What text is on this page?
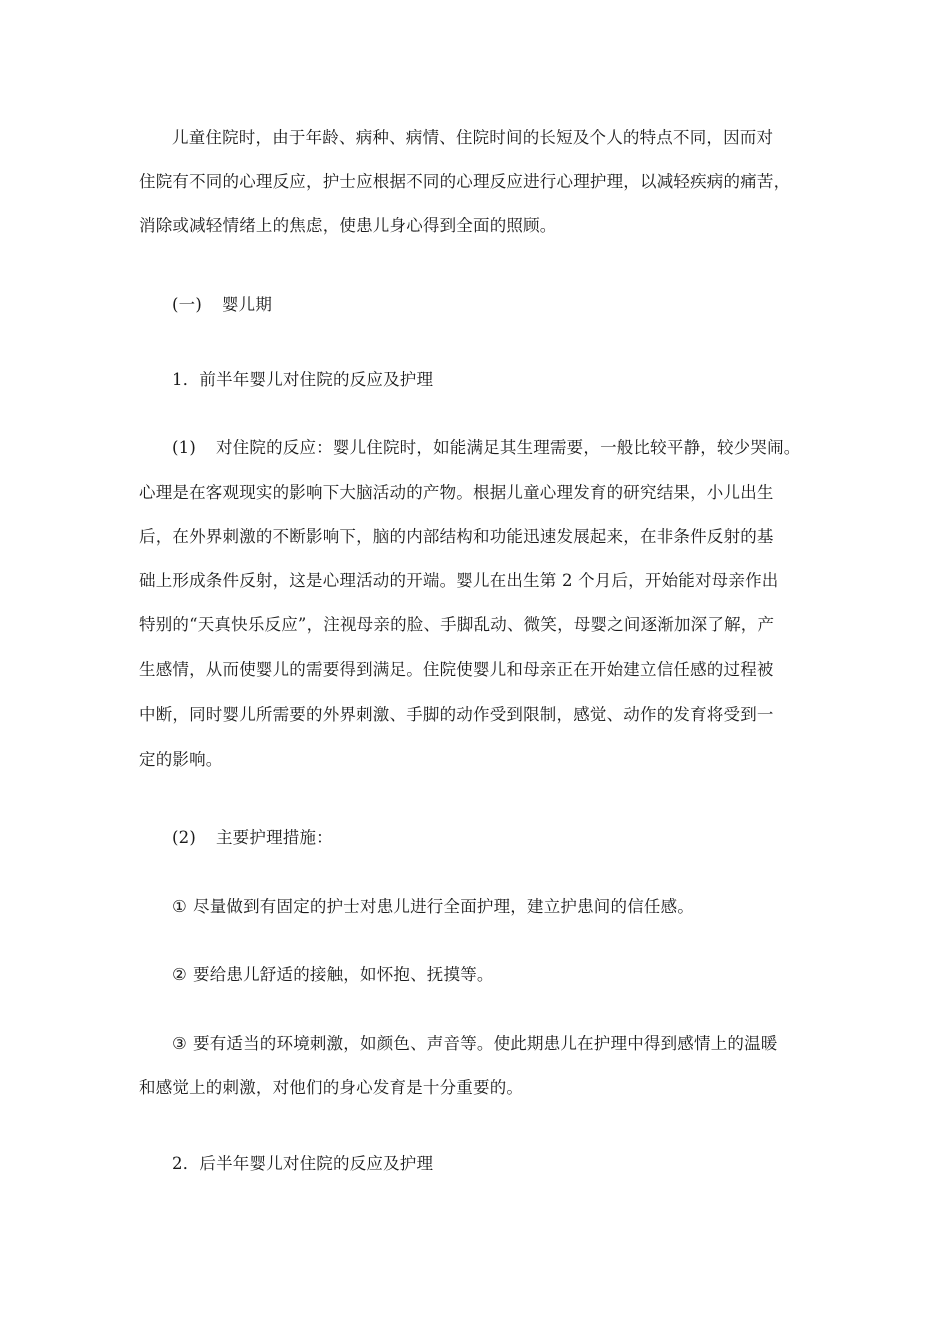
儿童住院时，由于年龄、病种、病情、住院时间的长短及个人的特点不同，因而对
住院有不同的心理反应，护士应根据不同的心理反应进行心理护理，以减轻疾病的痛苦，
消除或减轻情绪上的焦虑，使患儿身心得到全面的照顾。
(一) 婴儿期
1．前半年婴儿对住院的反应及护理
(1) 对住院的反应：婴儿住院时，如能满足其生理需要，一般比较平静，较少哭闹。
心理是在客观现实的影响下大脑活动的产物。根据儿童心理发育的研究结果，小儿出生
后，在外界刺激的不断影响下，脑的内部结构和功能迅速发展起来，在非条件反射的基
础上形成条件反射，这是心理活动的开端。婴儿在出生第 2 个月后，开始能对母亲作出
特别的“天真快乐反应”，注视母亲的脸、手脚乱动、微笑，母婴之间逐渐加深了解，产
生感情，从而使婴儿的需要得到满足。住院使婴儿和母亲正在开始建立信任感的过程被
中断，同时婴儿所需要的外界刺激、手脚的动作受到限制，感觉、动作的发育将受到一
定的影响。
(2) 主要护理措施：
① 尽量做到有固定的护士对患儿进行全面护理，建立护患间的信任感。
② 要给患儿舒适的接触，如怀抱、抚摸等。
③ 要有适当的环境刺激，如颜色、声音等。使此期患儿在护理中得到感情上的温暖
和感觉上的刺激，对他们的身心发育是十分重要的。
2．后半年婴儿对住院的反应及护理
